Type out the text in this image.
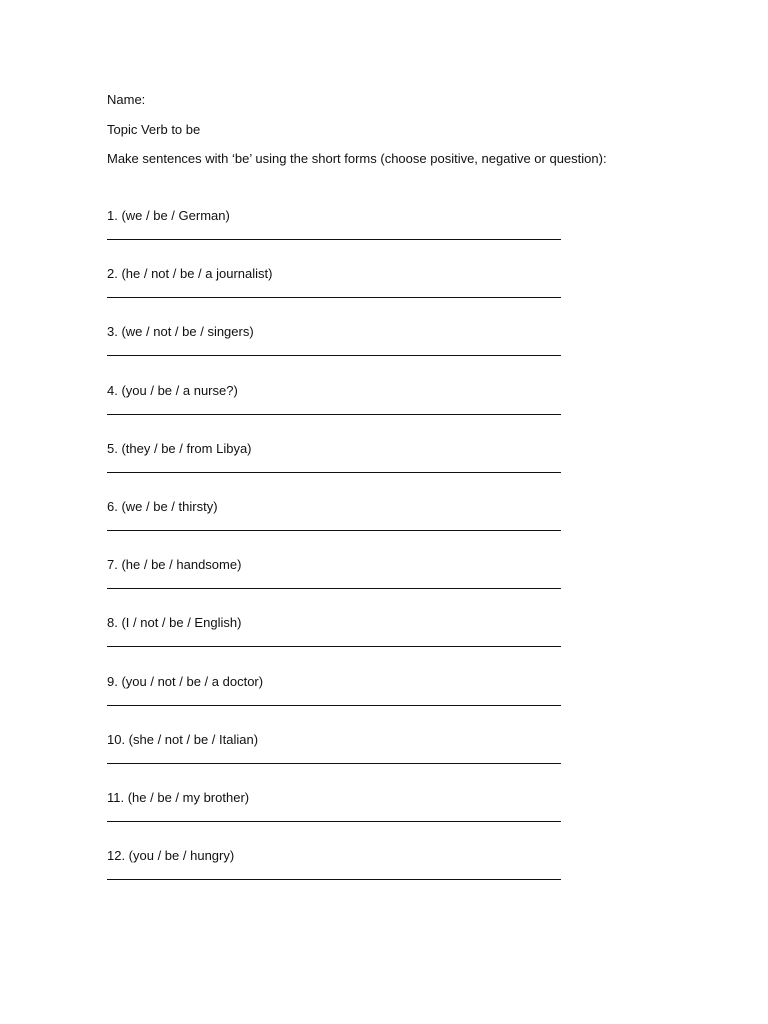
Name:
Topic Verb to be
Make sentences with ‘be’ using the short forms (choose positive, negative or question):
1. (we / be / German)
2. (he / not / be / a journalist)
3. (we / not / be / singers)
4. (you / be / a nurse?)
5. (they / be / from Libya)
6. (we / be / thirsty)
7. (he / be / handsome)
8. (I / not / be / English)
9. (you / not / be / a doctor)
10. (she / not / be / Italian)
11. (he / be / my brother)
12. (you / be / hungry)
